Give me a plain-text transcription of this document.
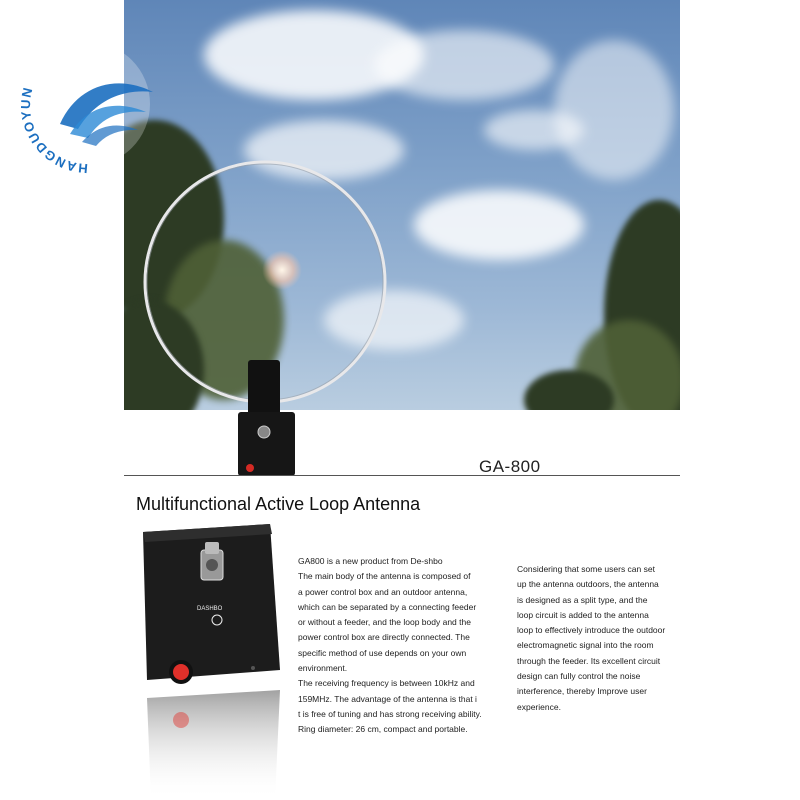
HANGDUOYUN
GA-800
Multifunctional Active Loop Antenna
DASHBO

GA800 is a new product from De-shbo
The main body of the antenna is composed of
a power control box and an outdoor antenna,
which can be separated by a connecting feeder
or without a feeder, and the loop body and the
power control box are directly connected. The
specific method of use depends on your own
environment.
The receiving frequency is between 10kHz and
159MHz. The advantage of the antenna is that i
t is free of tuning and has strong receiving ability.
Ring diameter: 26 cm, compact and portable.

Considering that some users can set
up the antenna outdoors, the antenna
is designed as a split type, and the
loop circuit is added to the antenna
loop to effectively introduce the outdoor
electromagnetic signal into the room
through the feeder. Its excellent circuit
design can fully control the noise
interference, thereby Improve user
experience.
